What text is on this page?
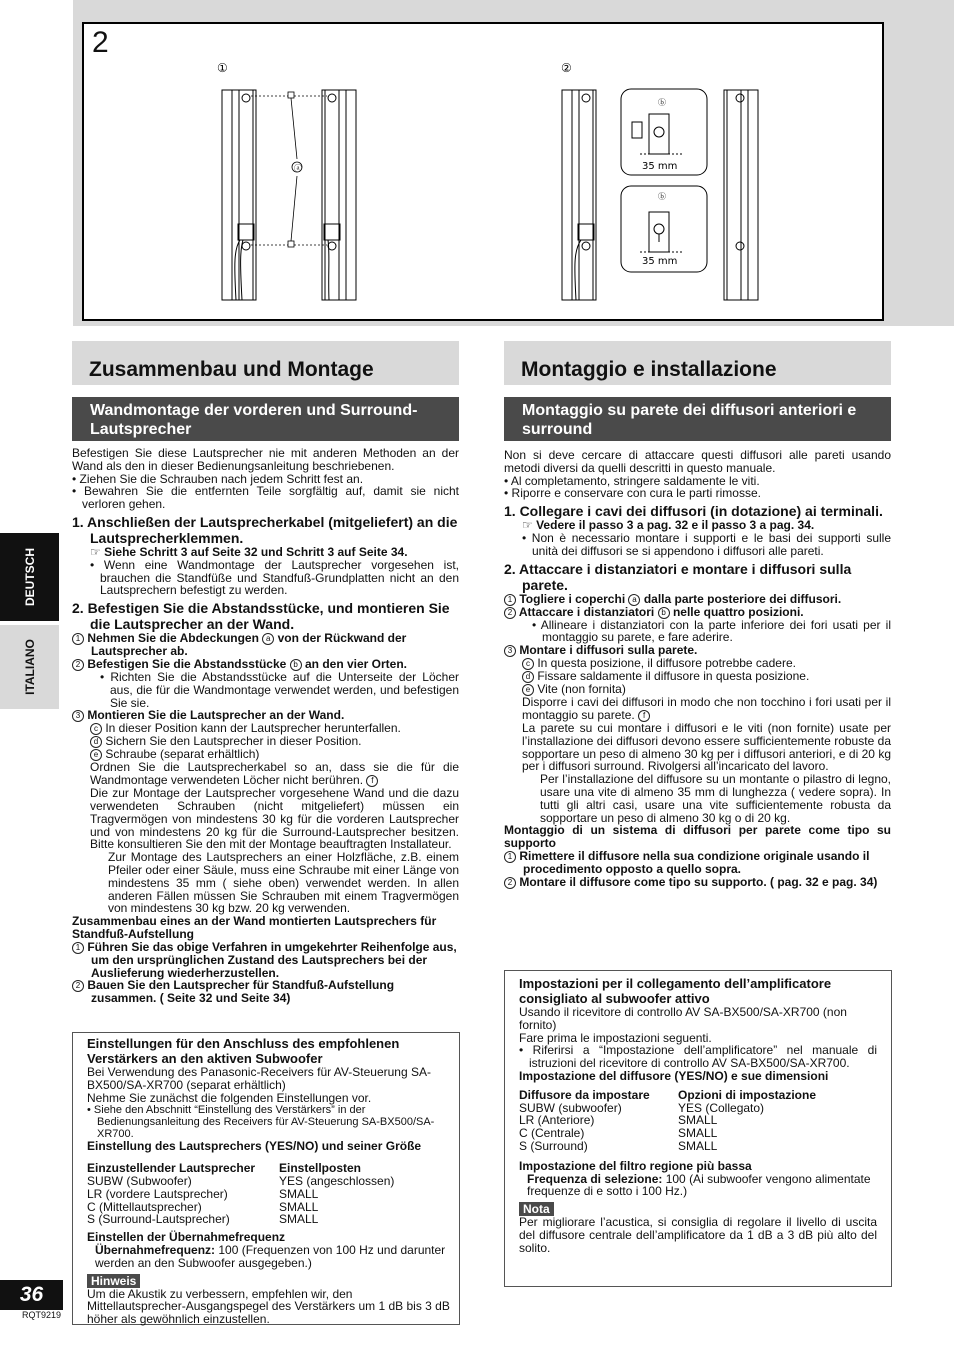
2
①	②
ⓐ
ⓑ
ⓑ
35 mm
35 mm
DEUTSCH
ITALIANO
Zusammenbau und Montage
Wandmontage der vorderen und Surround-Lautsprecher

Befestigen Sie diese Lautsprecher nie mit anderen Methoden an der Wand als den in dieser Bedienungsanleitung beschriebenen.

• Ziehen Sie die Schrauben nach jedem Schritt fest an.

• Bewahren Sie die entfernten Teile sorgfältig auf, damit sie nicht verloren gehen.

1. Anschließen der Lautsprecherkabel (mitgeliefert) an die Lautsprecherklemmen.

☞ Siehe Schritt 3 auf Seite 32 und Schritt 3 auf Seite 34.

• Wenn eine Wandmontage der Lautsprecher vorgesehen ist, brauchen die Standfüße und Standfuß-Grundplatten nicht an den Lautsprechern befestigt zu werden.

2. Befestigen Sie die Abstandsstücke, und montieren Sie die Lautsprecher an der Wand.

1 Nehmen Sie die Abdeckungen a von der Rückwand der Lautsprecher ab.

2 Befestigen Sie die Abstandsstücke b an den vier Orten.

• Richten Sie die Abstandsstücke auf die Unterseite der Löcher aus, die für die Wandmontage verwendet werden, und befestigen Sie sie.

3 Montieren Sie die Lautsprecher an der Wand.

c In dieser Position kann der Lautsprecher herunterfallen.

d Sichern Sie den Lautsprecher in dieser Position.

e Schraube (separat erhältlich)

Ordnen Sie die Lautsprecherkabel so an, dass sie die für die Wandmontage verwendeten Löcher nicht berühren. f

Die zur Montage der Lautsprecher vorgesehene Wand und die dazu verwendeten Schrauben (nicht mitgeliefert) müssen ein Tragvermögen von mindestens 30 kg für die vorderen Lautsprecher und von mindestens 20 kg für die Surround-Lautsprecher besitzen. Bitte konsultieren Sie den mit der Montage beauftragten Installateur.

Zur Montage des Lautsprechers an einer Holzfläche, z.B. einem Pfeiler oder einer Säule, muss eine Schraube mit einer Länge von mindestens 35 mm ( siehe oben) verwendet werden. In allen anderen Fällen müssen Sie Schrauben mit einem Tragvermögen von mindestens 30 kg bzw. 20 kg verwenden.

Zusammenbau eines an der Wand montierten Lautsprechers für Standfuß-Aufstellung

1 Führen Sie das obige Verfahren in umgekehrter Reihenfolge aus, um den ursprünglichen Zustand des Lautsprechers bei der Auslieferung wiederherzustellen.

2 Bauen Sie den Lautsprecher für Standfuß-Aufstellung zusammen. ( Seite 32 und Seite 34)

Einstellungen für den Anschluss des empfohlenen Verstärkers an den aktiven Subwoofer

Bei Verwendung des Panasonic-Receivers für AV-Steuerung SA-BX500/SA-XR700 (separat erhältlich)

Nehme Sie zunächst die folgenden Einstellungen vor.

• Siehe den Abschnitt “Einstellung des Verstärkers” in der Bedienungsanleitung des Receivers für AV-Steuerung SA-BX500/SA-XR700.

Einstellung des Lautsprechers (YES/NO) und seiner Größe

Einzustellender Lautsprecher	Einstellposten
SUBW (Subwoofer)	YES (angeschlossen)
LR (vordere Lautsprecher)	SMALL
C (Mittellautsprecher)	SMALL
S (Surround-Lautsprecher)	SMALL

Einstellen der Übernahmefrequenz

Übernahmefrequenz: 100 (Frequenzen von 100 Hz und darunter werden an den Subwoofer ausgegeben.)

Hinweis

Um die Akustik zu verbessern, empfehlen wir, den Mittellautsprecher-Ausgangspegel des Verstärkers um 1 dB bis 3 dB höher als gewöhnlich einzustellen.

Montaggio e installazione
Montaggio su parete dei diffusori anteriori e surround

Non si deve cercare di attaccare questi diffusori alle pareti usando metodi diversi da quelli descritti in questo manuale.

• Al completamento, stringere saldamente le viti.

• Riporre e conservare con cura le parti rimosse.

1. Collegare i cavi dei diffusori (in dotazione) ai terminali.

☞ Vedere il passo 3 a pag. 32 e il passo 3 a pag. 34.

• Non è necessario montare i supporti e le basi dei supporti sulle unità dei diffusori se si appendono i diffusori alle pareti.

2. Attaccare i distanziatori e montare i diffusori sulla parete.

1 Togliere i coperchi a dalla parte posteriore dei diffusori.

2 Attaccare i distanziatori b nelle quattro posizioni.

• Allineare i distanziatori con la parte inferiore dei fori usati per il montaggio su parete, e fare aderire.

3 Montare i diffusori sulla parete.

c In questa posizione, il diffusore potrebbe cadere.

d Fissare saldamente il diffusore in questa posizione.

e Vite (non fornita)

Disporre i cavi dei diffusori in modo che non tocchino i fori usati per il montaggio su parete. f

La parete su cui montare i diffusori e le viti (non fornite) usate per l’installazione dei diffusori devono essere sufficientemente robuste da sopportare un peso di almeno 30 kg per i diffusori anteriori, e di 20 kg per i diffusori surround. Rivolgersi all’incaricato del lavoro.

Per l’installazione del diffusore su un montante o pilastro di legno, usare una vite di almeno 35 mm di lunghezza ( vedere sopra). In tutti gli altri casi, usare una vite sufficientemente robusta da sopportare un peso di almeno 30 kg o di 20 kg.

Montaggio di un sistema di diffusori per parete come tipo su supporto

1 Rimettere il diffusore nella sua condizione originale usando il procedimento opposto a quello sopra.

2 Montare il diffusore come tipo su supporto. ( pag. 32 e pag. 34)

Impostazioni per il collegamento dell’amplificatore consigliato al subwoofer attivo

Usando il ricevitore di controllo AV SA-BX500/SA-XR700 (non fornito)

Fare prima le impostazioni seguenti.

• Riferirsi a “Impostazione dell’amplificatore” nel manuale di istruzioni del ricevitore di controllo AV SA-BX500/SA-XR700.

Impostazione del diffusore (YES/NO) e sue dimensioni

Diffusore da impostare	Opzioni di impostazione
SUBW (subwoofer)	YES (Collegato)
LR (Anteriore)	SMALL
C (Centrale)	SMALL
S (Surround)	SMALL

Impostazione del filtro regione più bassa

Frequenza di selezione: 100 (Ai subwoofer vengono alimentate frequenze di e sotto i 100 Hz.)

Nota

Per migliorare l’acustica, si consiglia di regolare il livello di uscita del diffusore centrale dell’amplificatore da 1 dB a 3 dB più alto del solito.

36
RQT9219
